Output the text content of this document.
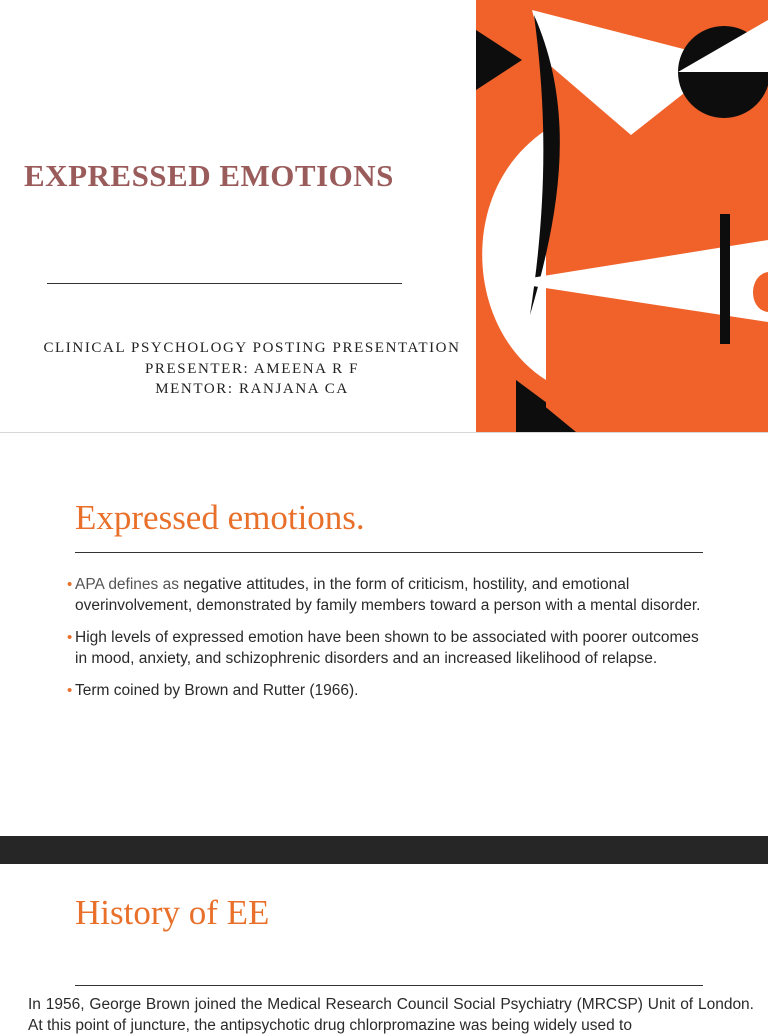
EXPRESSED EMOTIONS
CLINICAL PSYCHOLOGY POSTING PRESENTATION
PRESENTER: AMEENA R F
MENTOR: RANJANA CA
Expressed emotions.
• APA defines as negative attitudes, in the form of criticism, hostility, and emotional overinvolvement, demonstrated by family members toward a person with a mental disorder.
• High levels of expressed emotion have been shown to be associated with poorer outcomes in mood, anxiety, and schizophrenic disorders and an increased likelihood of relapse.
• Term coined by Brown and Rutter (1966).
History of EE
In 1956, George Brown joined the Medical Research Council Social Psychiatry (MRCSP) Unit of London. At this point of juncture, the antipsychotic drug chlorpromazine was being widely used to
